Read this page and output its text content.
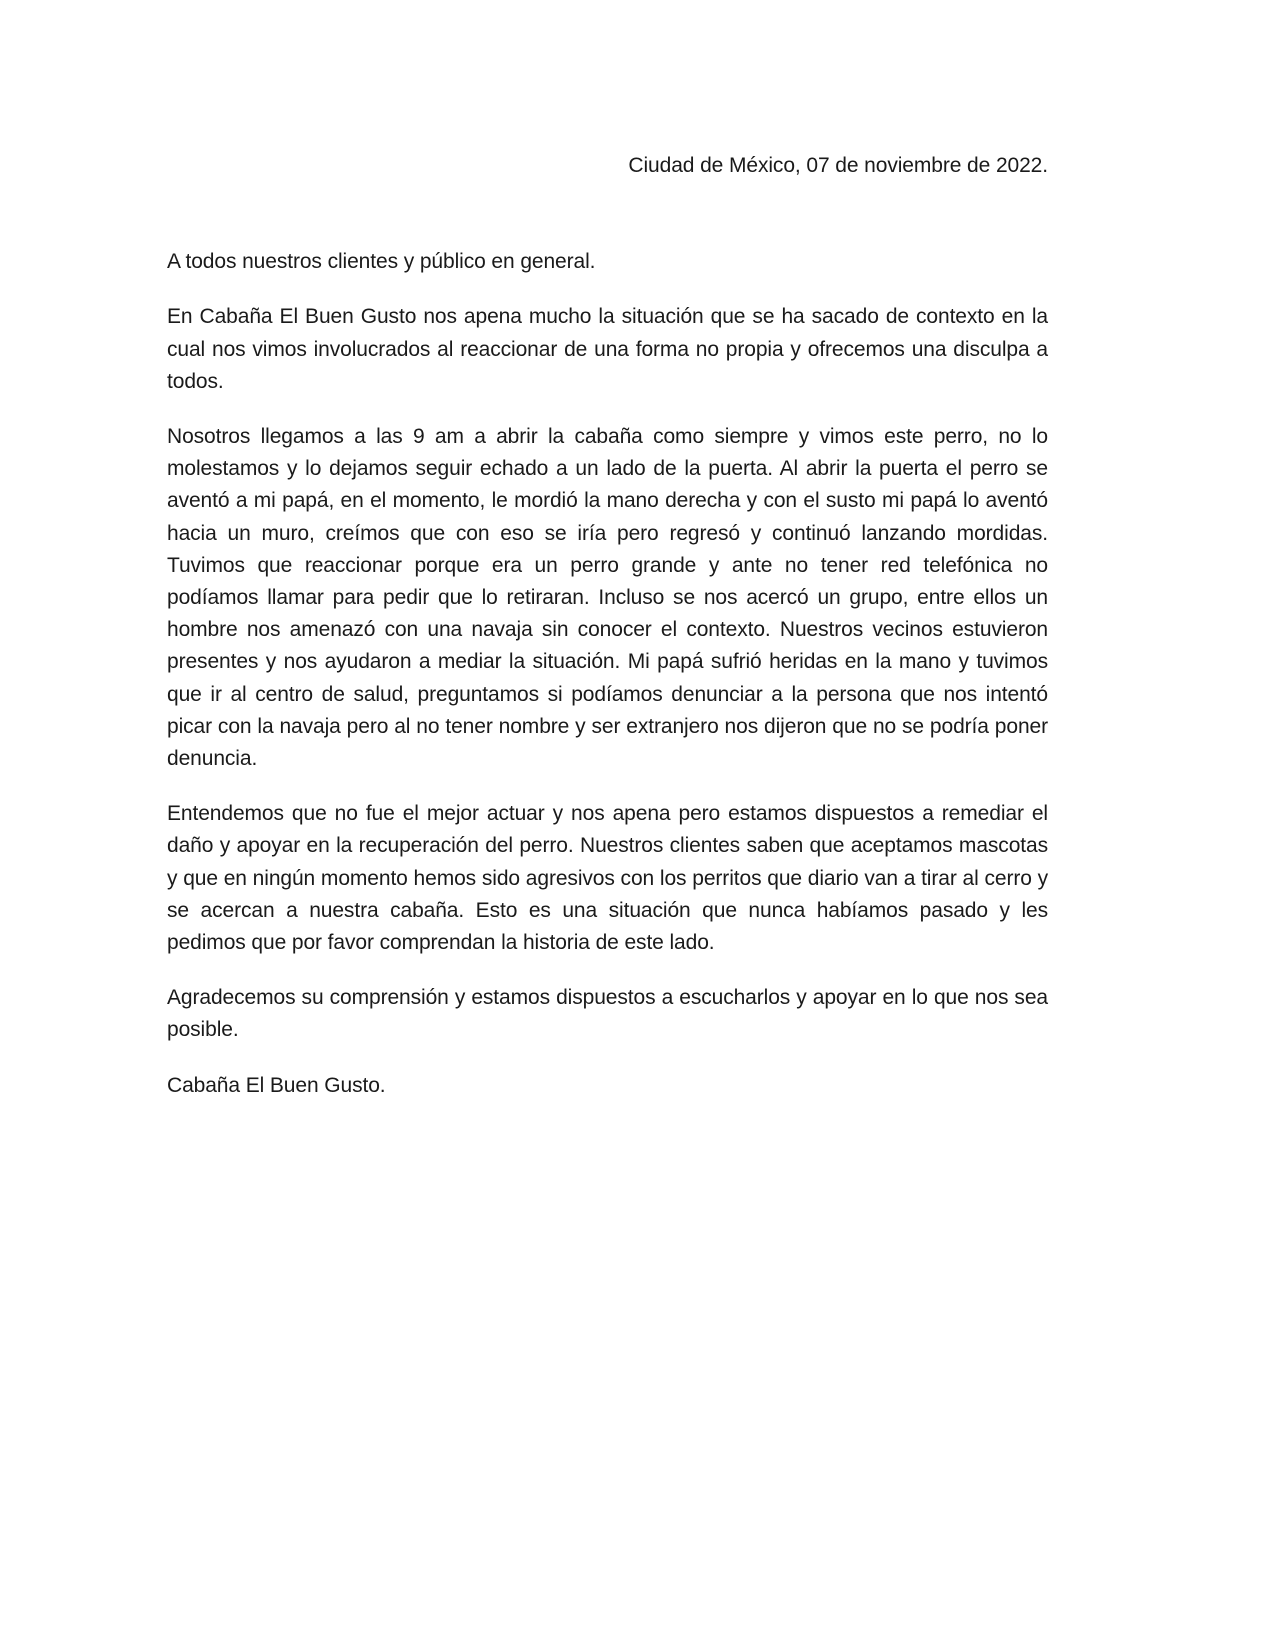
Ciudad de México, 07 de noviembre de 2022.
A todos nuestros clientes y público en general.

En Cabaña El Buen Gusto nos apena mucho la situación que se ha sacado de contexto en la cual nos vimos involucrados al reaccionar de una forma no propia y ofrecemos una disculpa a todos.

Nosotros llegamos a las 9 am a abrir la cabaña como siempre y vimos este perro, no lo molestamos y lo dejamos seguir echado a un lado de la puerta. Al abrir la puerta el perro se aventó a mi papá, en el momento, le mordió la mano derecha y con el susto mi papá lo aventó hacia un muro, creímos que con eso se iría pero regresó y continuó lanzando mordidas. Tuvimos que reaccionar porque era un perro grande y ante no tener red telefónica no podíamos llamar para pedir que lo retiraran. Incluso se nos acercó un grupo, entre ellos un hombre nos amenazó con una navaja sin conocer el contexto. Nuestros vecinos estuvieron presentes y nos ayudaron a mediar la situación. Mi papá sufrió heridas en la mano y tuvimos que ir al centro de salud, preguntamos si podíamos denunciar a la persona que nos intentó picar con la navaja pero al no tener nombre y ser extranjero nos dijeron que no se podría poner denuncia.

Entendemos que no fue el mejor actuar y nos apena pero estamos dispuestos a remediar el daño y apoyar en la recuperación del perro. Nuestros clientes saben que aceptamos mascotas y que en ningún momento hemos sido agresivos con los perritos que diario van a tirar al cerro y se acercan a nuestra cabaña. Esto es una situación que nunca habíamos pasado y les pedimos que por favor comprendan la historia de este lado.

Agradecemos su comprensión y estamos dispuestos a escucharlos y apoyar en lo que nos sea posible.

Cabaña El Buen Gusto.
